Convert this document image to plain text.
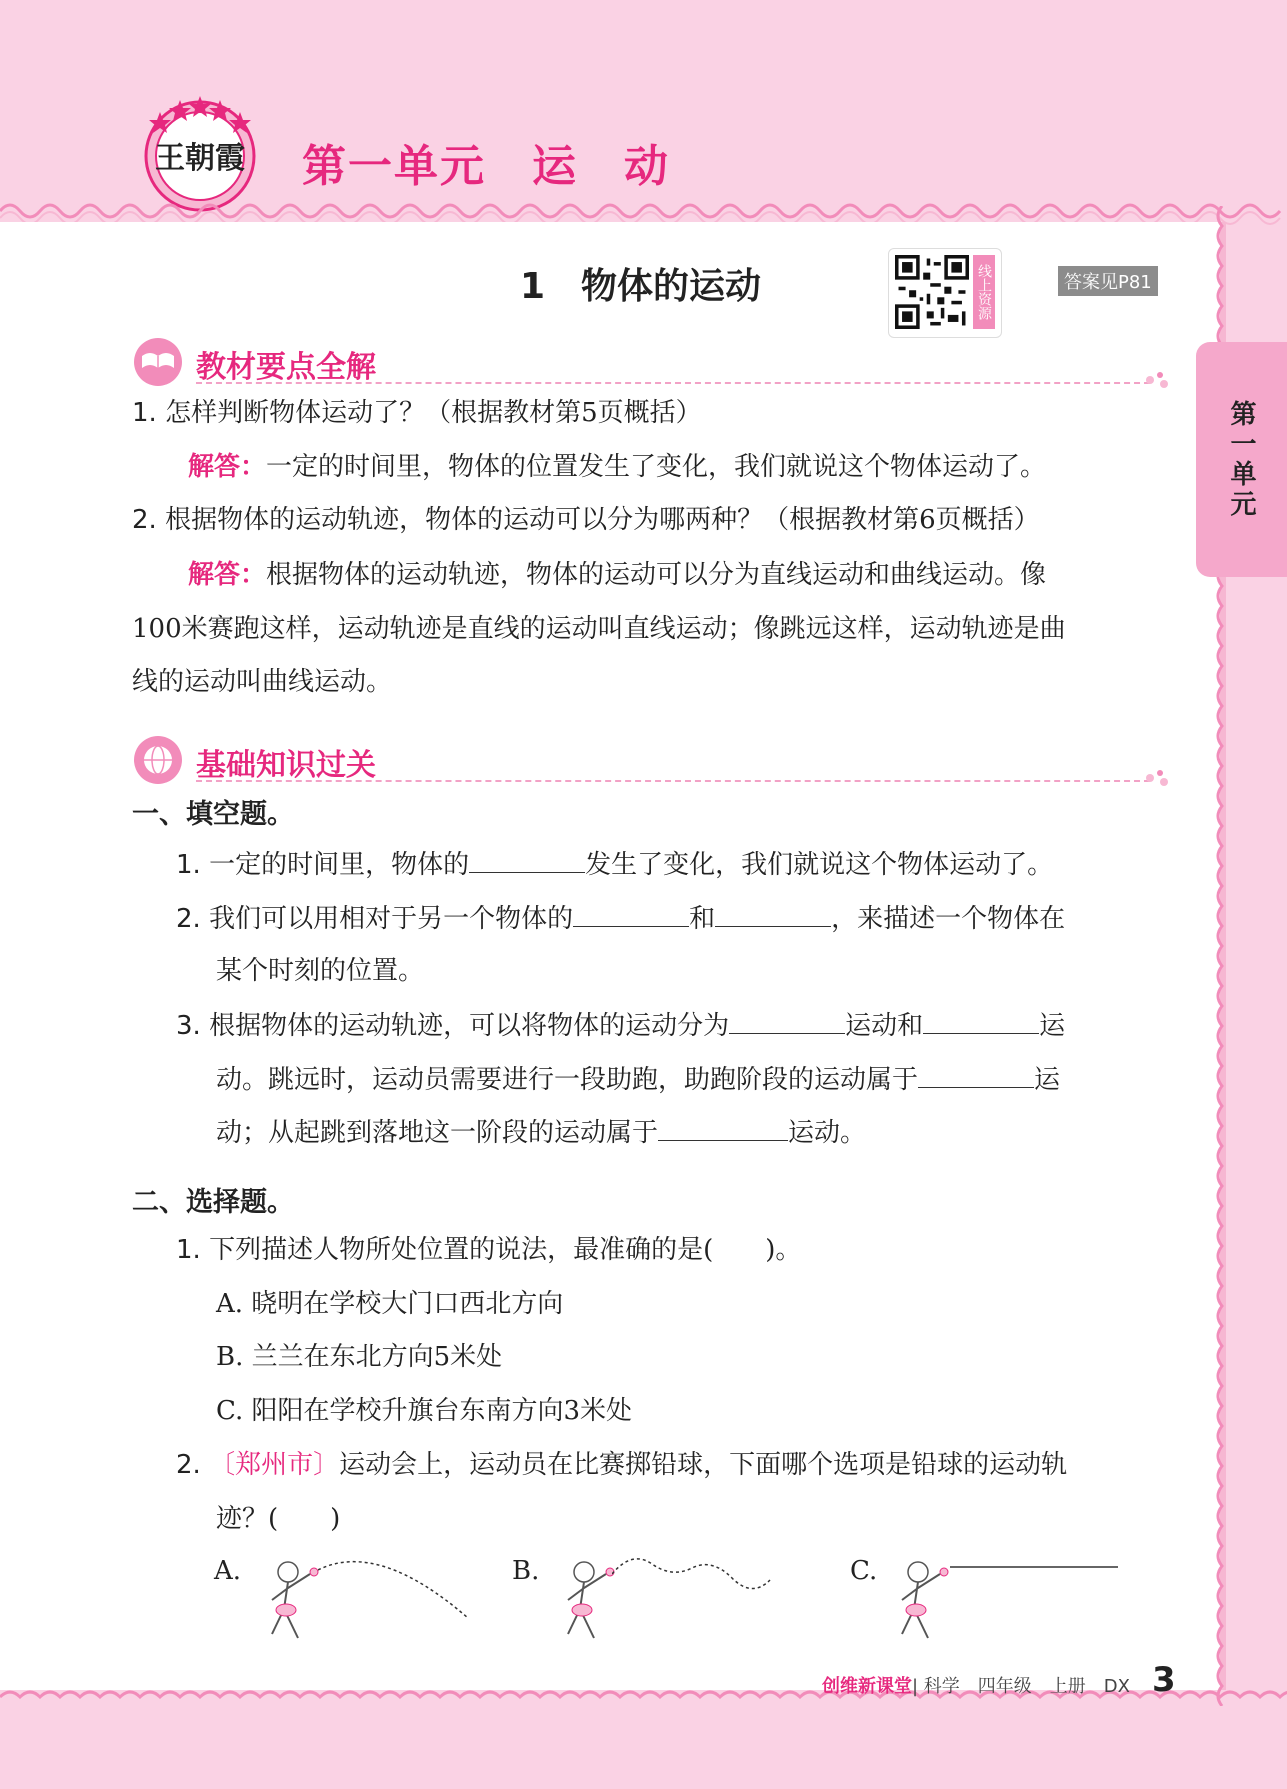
王朝霞 第一单元　运　动
第一单元
1　物体的运动	线上资源	答案见P81
教材要点全解
1. 怎样判断物体运动了？（根据教材第5页概括）
解答：一定的时间里，物体的位置发生了变化，我们就说这个物体运动了。
2. 根据物体的运动轨迹，物体的运动可以分为哪两种？（根据教材第6页概括）
解答：根据物体的运动轨迹，物体的运动可以分为直线运动和曲线运动。像
100米赛跑这样，运动轨迹是直线的运动叫直线运动；像跳远这样，运动轨迹是曲
线的运动叫曲线运动。
基础知识过关
一、填空题。
1. 一定的时间里，物体的	发生了变化，我们就说这个物体运动了。
2. 我们可以用相对于另一个物体的	和	，来描述一个物体在
某个时刻的位置。
3. 根据物体的运动轨迹，可以将物体的运动分为	运动和	运
动。跳远时，运动员需要进行一段助跑，助跑阶段的运动属于	运
动；从起跳到落地这一阶段的运动属于	运动。
二、选择题。
1. 下列描述人物所处位置的说法，最准确的是(　　)。
A. 晓明在学校大门口西北方向
B. 兰兰在东北方向5米处
C. 阳阳在学校升旗台东南方向3米处
2. 〔郑州市〕运动会上，运动员在比赛掷铅球，下面哪个选项是铅球的运动轨
迹？(　　)
A.	B.	C.
创维新课堂| 科学　四年级　上册　DX 3
